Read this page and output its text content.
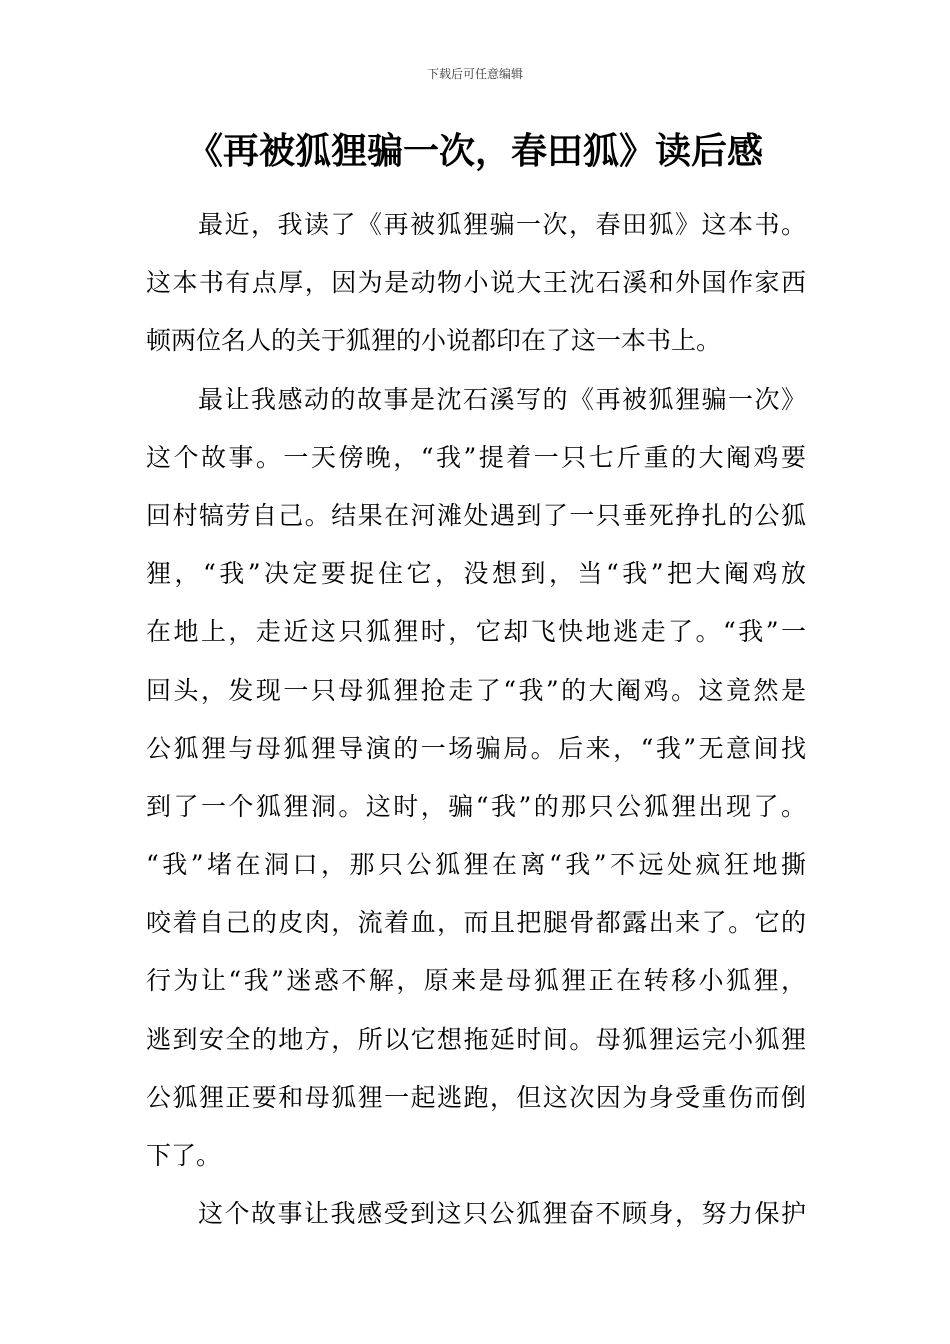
下载后可任意编辑
《再被狐狸骗一次，春田狐》读后感
最近，我读了《再被狐狸骗一次，春田狐》这本书。
这本书有点厚，因为是动物小说大王沈石溪和外国作家西
顿两位名人的关于狐狸的小说都印在了这一本书上。
最让我感动的故事是沈石溪写的《再被狐狸骗一次》
这个故事。一天傍晚，“我”提着一只七斤重的大阉鸡要
回村犒劳自己。结果在河滩处遇到了一只垂死挣扎的公狐
狸，“我”决定要捉住它，没想到，当“我”把大阉鸡放
在地上，走近这只狐狸时，它却飞快地逃走了。“我”一
回头，发现一只母狐狸抢走了“我”的大阉鸡。这竟然是
公狐狸与母狐狸导演的一场骗局。后来，“我”无意间找
到了一个狐狸洞。这时，骗“我”的那只公狐狸出现了。
“我”堵在洞口，那只公狐狸在离“我”不远处疯狂地撕
咬着自己的皮肉，流着血，而且把腿骨都露出来了。它的
行为让“我”迷惑不解，原来是母狐狸正在转移小狐狸，
逃到安全的地方，所以它想拖延时间。母狐狸运完小狐狸
公狐狸正要和母狐狸一起逃跑，但这次因为身受重伤而倒
下了。
这个故事让我感受到这只公狐狸奋不顾身，努力保护
